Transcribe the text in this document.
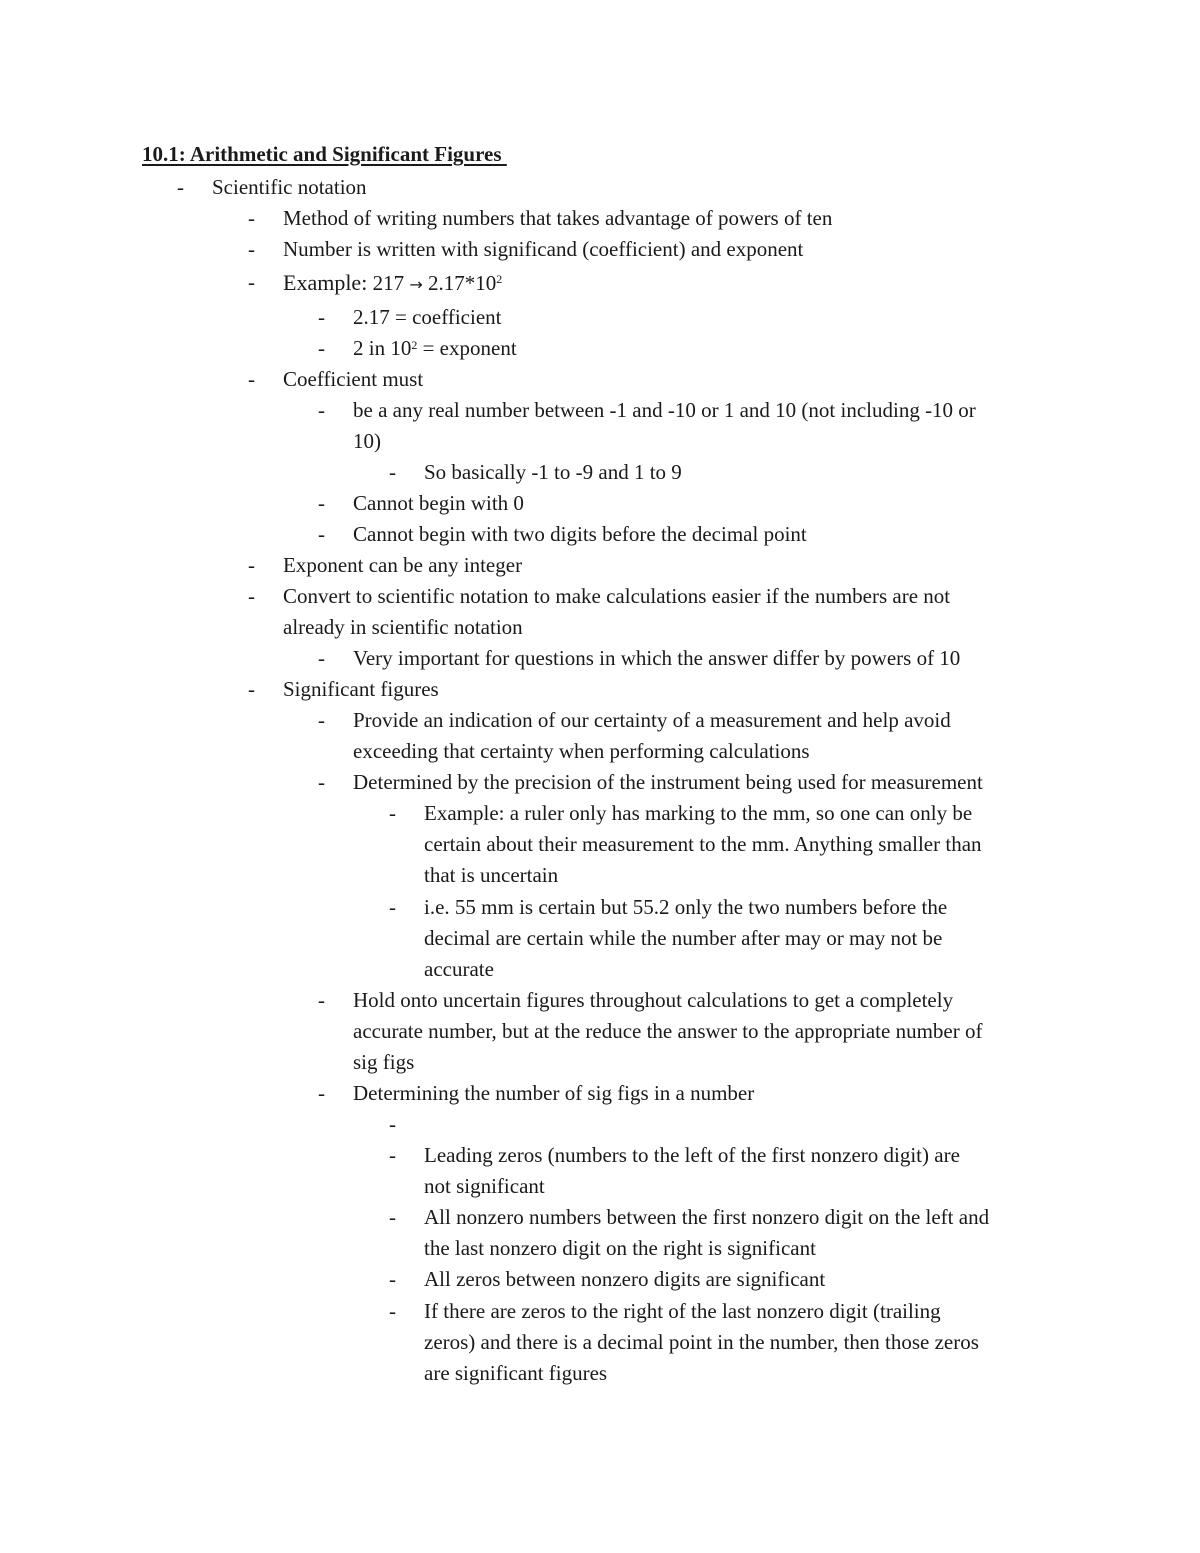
10.1: Arithmetic and Significant Figures
- Scientific notation
- Method of writing numbers that takes advantage of powers of ten
- Number is written with significand (coefficient) and exponent
- Example: $217 \to 2.17*10^2$
- 2.17 = coefficient
- 2 in $10^2$ = exponent
- Coefficient must
- be a any real number between -1 and -10 or 1 and 10 (not including -10 or
10)
- So basically -1 to -9 and 1 to 9
- Cannot begin with 0
- Cannot begin with two digits before the decimal point
- Exponent can be any integer
- Convert to scientific notation to make calculations easier if the numbers are not
already in scientific notation
- Very important for questions in which the answer differ by powers of 10
- Significant figures
- Provide an indication of our certainty of a measurement and help avoid
exceeding that certainty when performing calculations
- Determined by the precision of the instrument being used for measurement
- Example: a ruler only has marking to the mm, so one can only be
certain about their measurement to the mm. Anything smaller than
that is uncertain
- i.e. 55 mm is certain but 55.2 only the two numbers before the
decimal are certain while the number after may or may not be
accurate
- Hold onto uncertain figures throughout calculations to get a completely
accurate number, but at the reduce the answer to the appropriate number of
sig figs
- Determining the number of sig figs in a number
-
- Leading zeros (numbers to the left of the first nonzero digit) are
not significant
- All nonzero numbers between the first nonzero digit on the left and
the last nonzero digit on the right is significant
- All zeros between nonzero digits are significant
- If there are zeros to the right of the last nonzero digit (trailing
zeros) and there is a decimal point in the number, then those zeros
are significant figures
